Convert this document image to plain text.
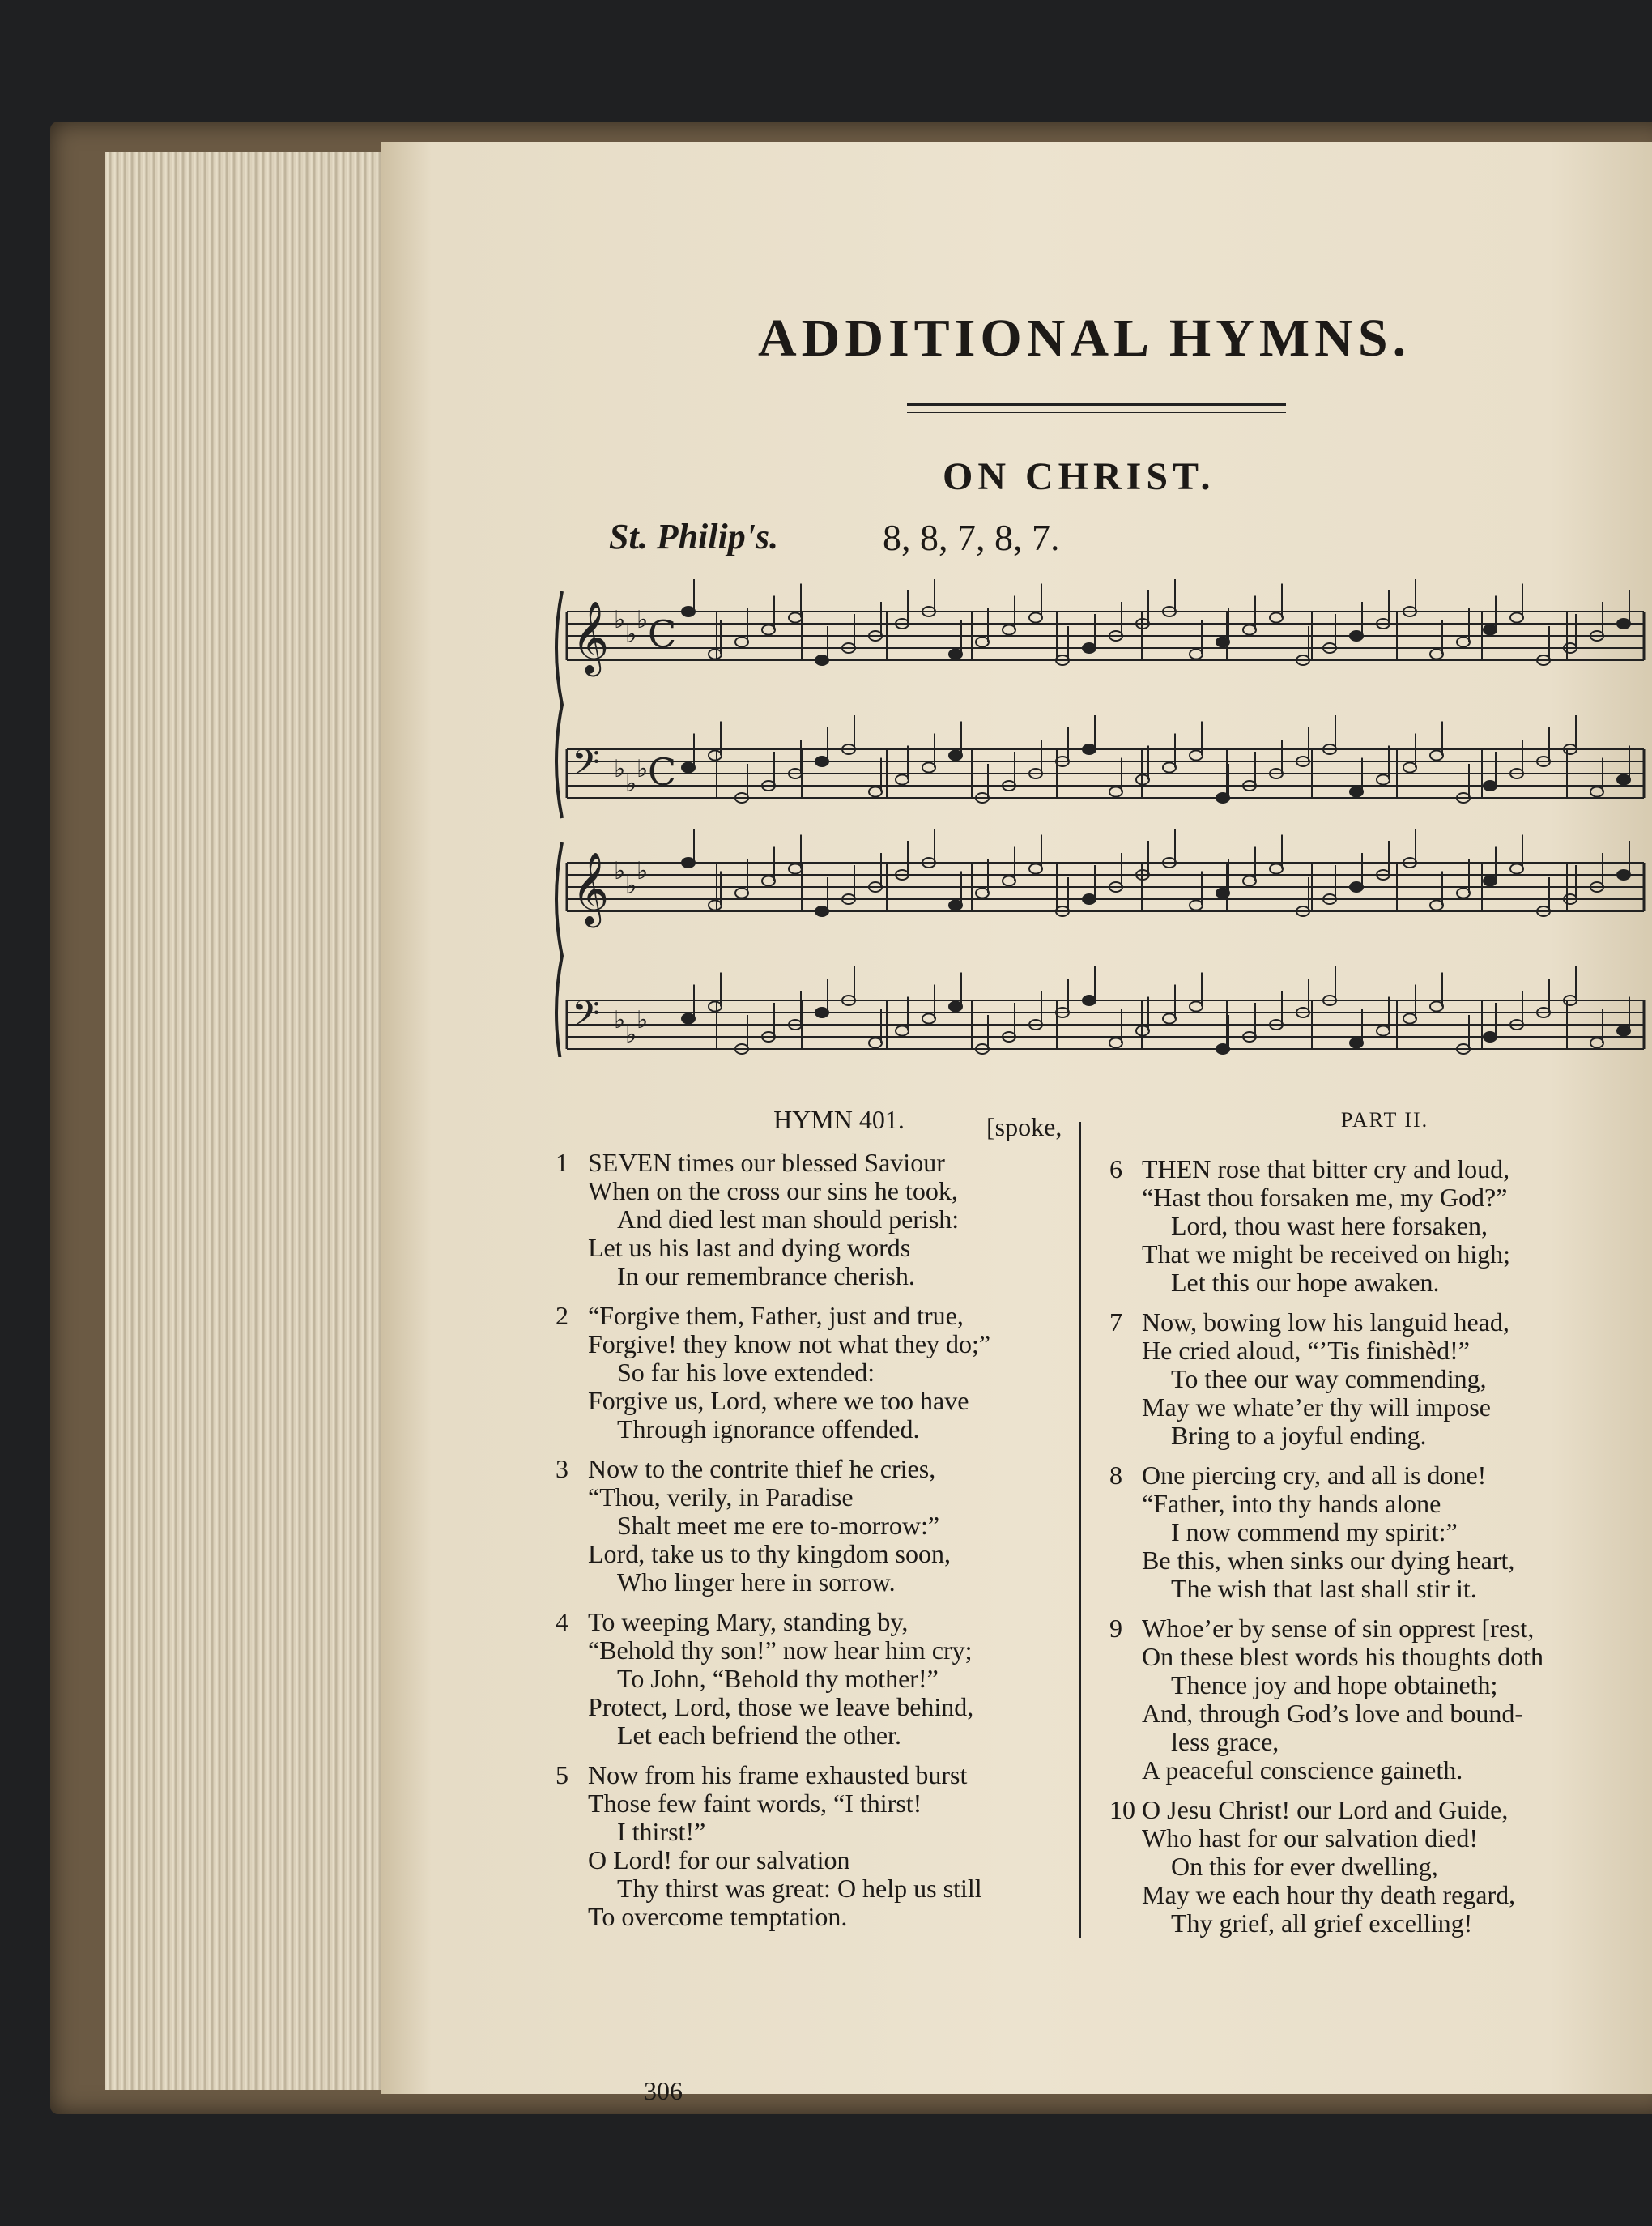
ADDITIONAL HYMNS.
ON CHRIST.
St. Philip's.	8, 8, 7, 8, 7.
𝄞 ♭
♭
♭ C
𝄢 ♭
♭
♭ C
𝄞 ♭
♭
♭
𝄢 ♭
♭
♭
[spoke,
HYMN 401.
1 SEVEN times our blessed Saviour
When on the cross our sins he took,
And died lest man should perish:
Let us his last and dying words
In our remembrance cherish.
2 “Forgive them, Father, just and true,
Forgive! they know not what they do;”
So far his love extended:
Forgive us, Lord, where we too have
Through ignorance offended.
3 Now to the contrite thief he cries,
“Thou, verily, in Paradise
Shalt meet me ere to-morrow:”
Lord, take us to thy kingdom soon,
Who linger here in sorrow.
4 To weeping Mary, standing by,
“Behold thy son!” now hear him cry;
To John, “Behold thy mother!”
Protect, Lord, those we leave behind,
Let each befriend the other.
5 Now from his frame exhausted burst
Those few faint words, “I thirst!
I thirst!”
O Lord! for our salvation
Thy thirst was great: O help us still
To overcome temptation.
PART II.
6 THEN rose that bitter cry and loud,
“Hast thou forsaken me, my God?”
Lord, thou wast here forsaken,
That we might be received on high;
Let this our hope awaken.
7 Now, bowing low his languid head,
He cried aloud, “’Tis finishèd!”
To thee our way commending,
May we whate’er thy will impose
Bring to a joyful ending.
8 One piercing cry, and all is done!
“Father, into thy hands alone
I now commend my spirit:”
Be this, when sinks our dying heart,
The wish that last shall stir it.
9 Whoe’er by sense of sin opprest [rest,
On these blest words his thoughts doth
Thence joy and hope obtaineth;
And, through God’s love and bound-
less grace,
A peaceful conscience gaineth.
10 O Jesu Christ! our Lord and Guide,
Who hast for our salvation died!
On this for ever dwelling,
May we each hour thy death regard,
Thy grief, all grief excelling!
306
